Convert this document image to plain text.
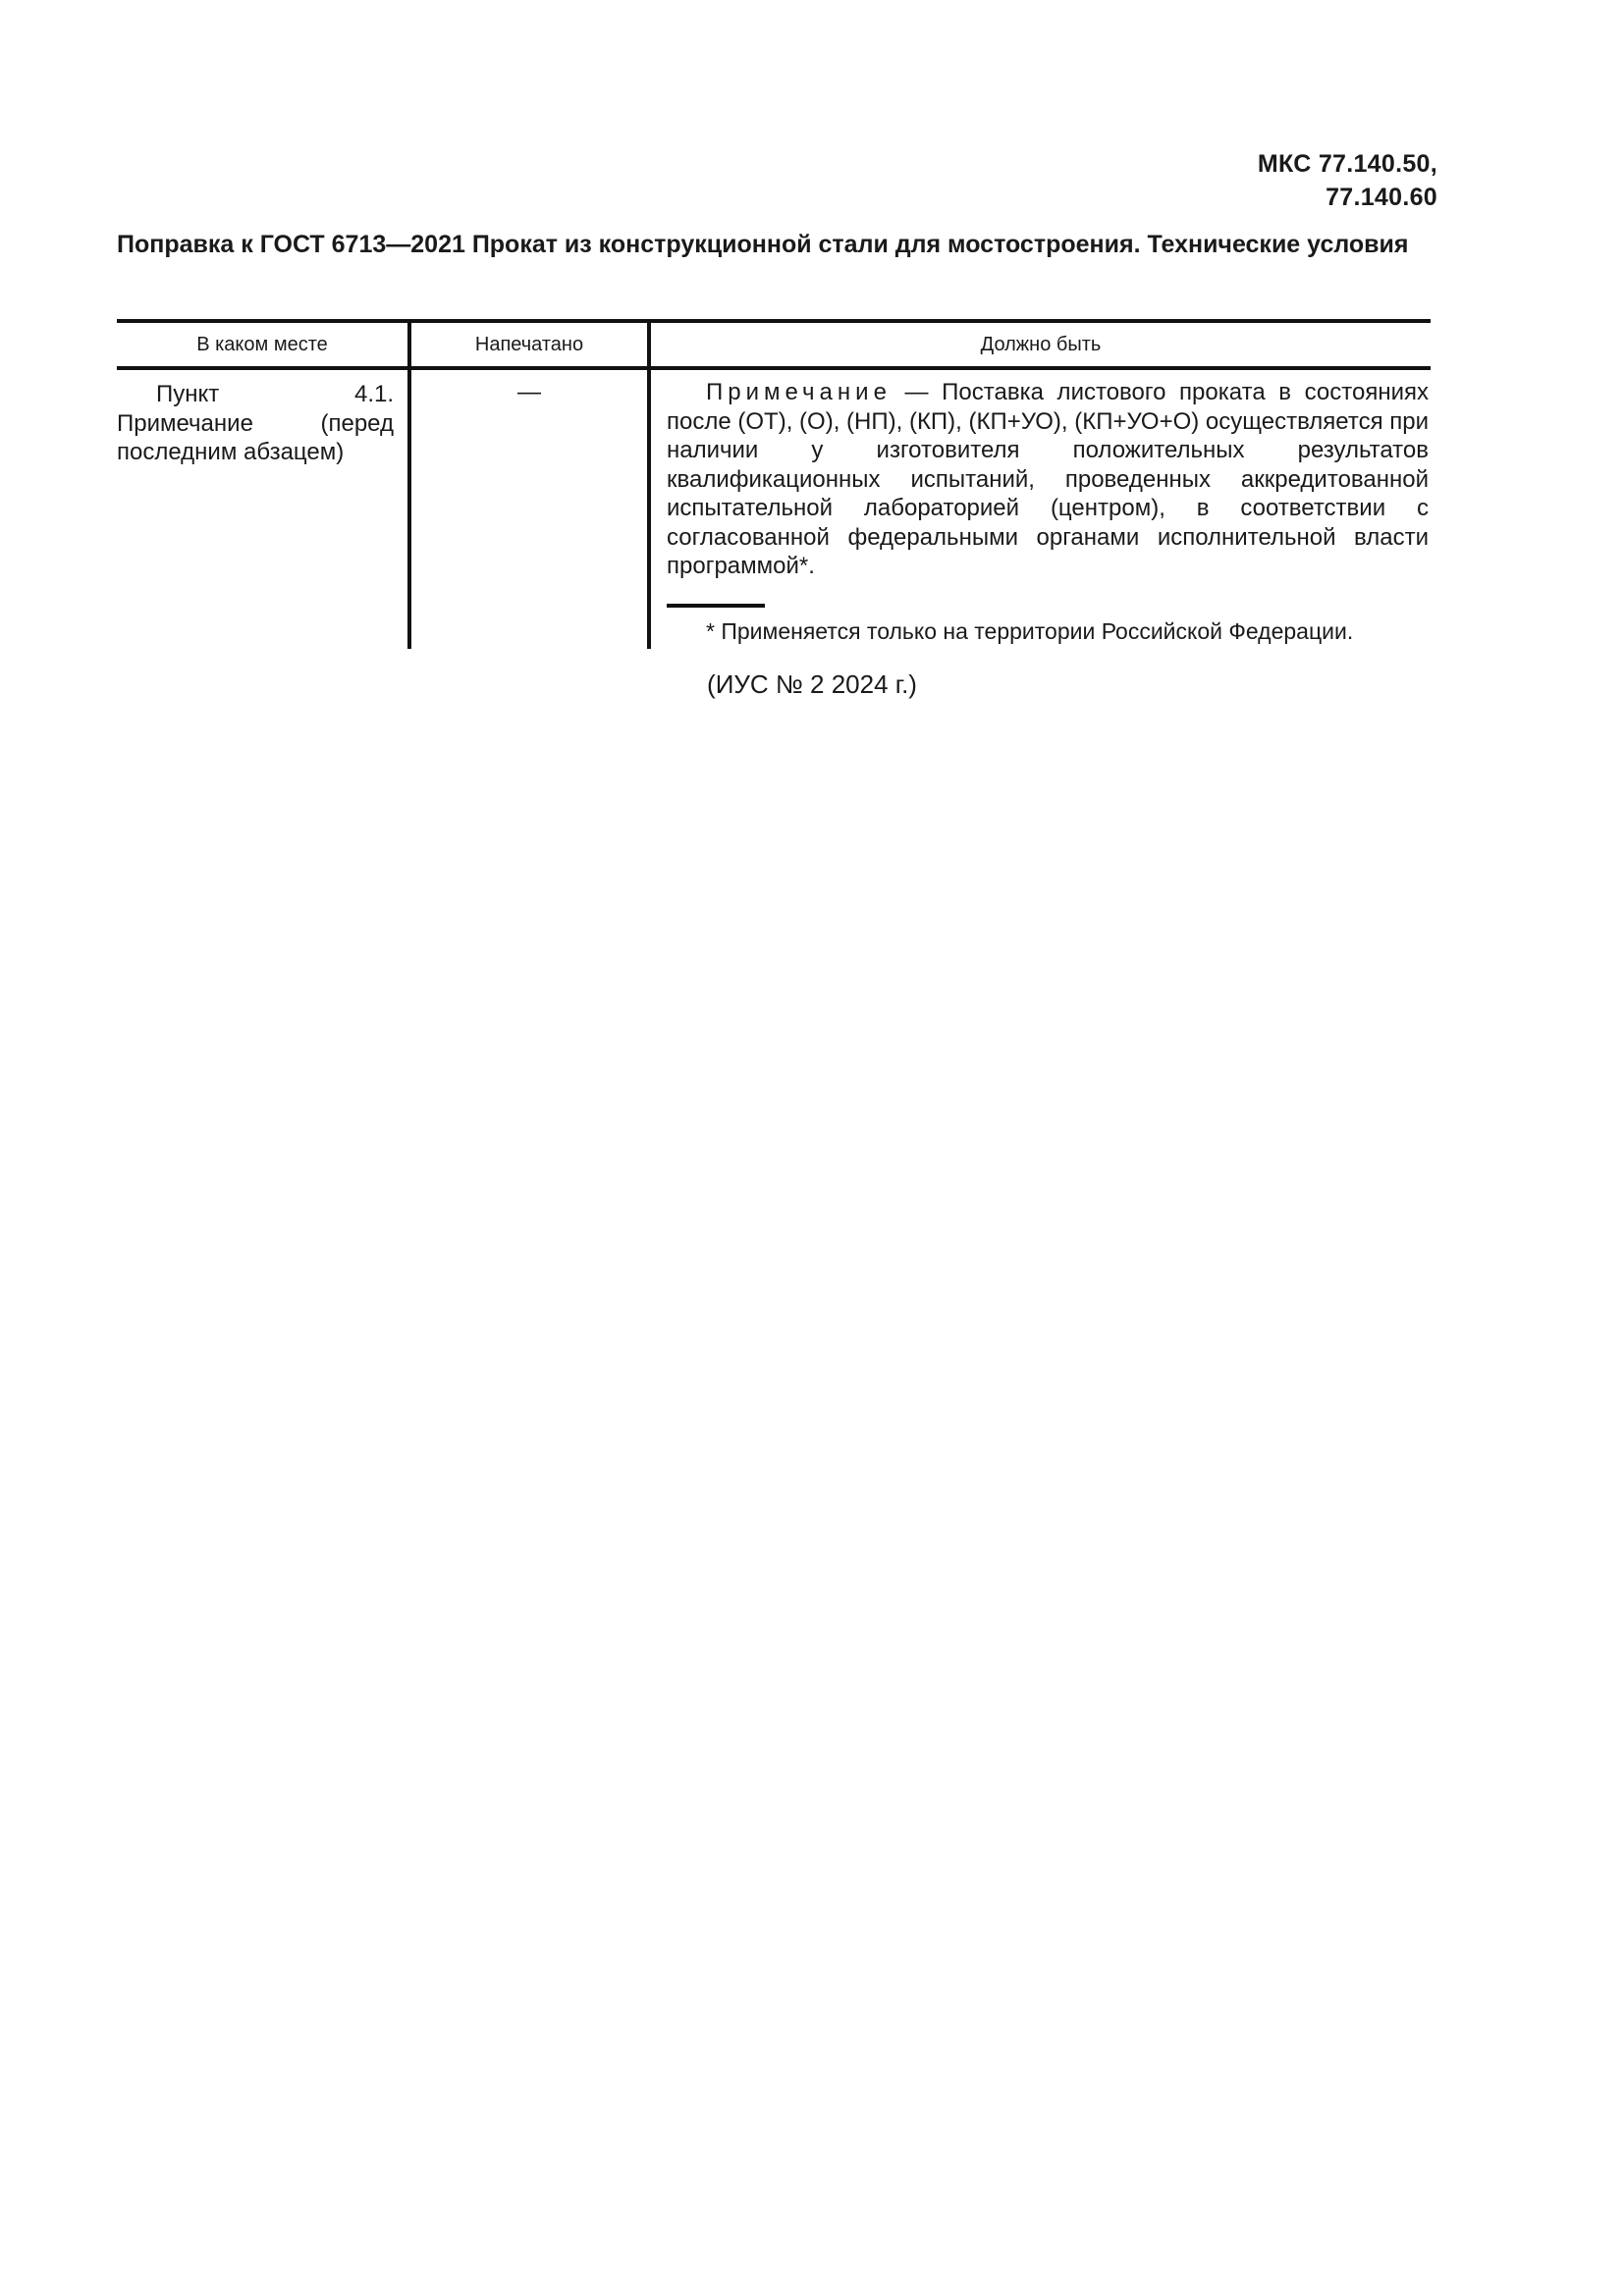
МКС 77.140.50,
77.140.60
Поправка к ГОСТ 6713—2021 Прокат из конструкционной стали для мостостроения. Технические условия
В каком месте	Напечатано	Должно быть
Пункт 4.1. Примечание (перед последним абзацем)	—	Примечание — Поставка листового проката в состояниях после (ОТ), (О), (НП), (КП), (КП+УО), (КП+УО+О) осуществляется при наличии у изготовителя положительных результатов квалификационных испытаний, проведенных аккредитованной испытательной лабораторией (центром), в соответствии с согласованной федеральными органами исполнительной власти программой*.

* Применяется только на территории Российской Федерации.

(ИУС № 2 2024 г.)
